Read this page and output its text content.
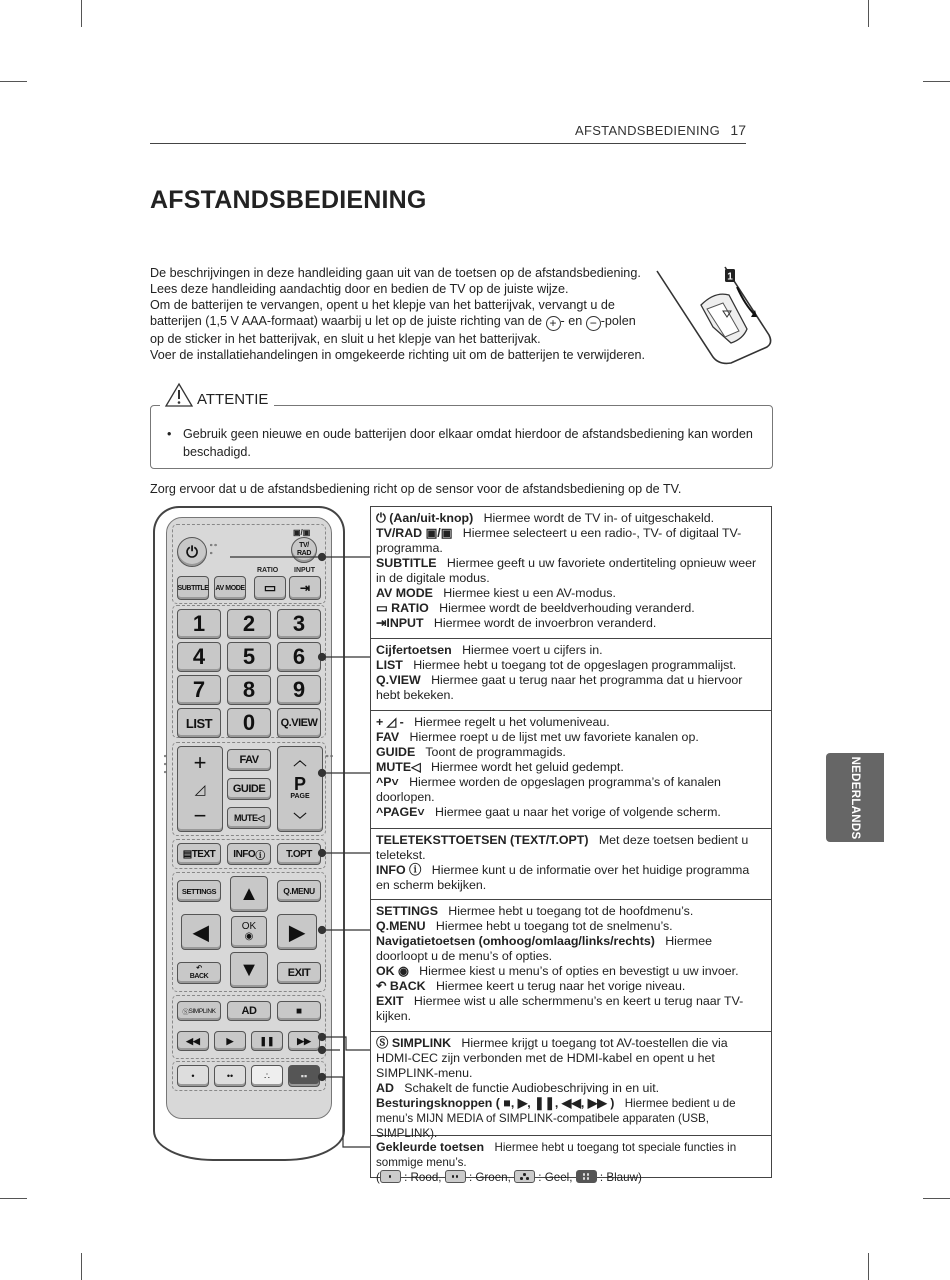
AFSTANDSBEDIENING 17
AFSTANDSBEDIENING

De beschrijvingen in deze handleiding gaan uit van de toetsen op de afstandsbediening.

Lees deze handleiding aandachtig door en bedien de TV op de juiste wijze.

Om de batterijen te vervangen, opent u het klepje van het batterijvak, vervangt u de

batterijen (1,5 V AAA-formaat) waarbij u let op de juiste richting van de + - en − -polen

op de sticker in het batterijvak, en sluit u het klepje van het batterijvak.

Voer de installatiehandelingen in omgekeerde richting uit om de batterijen te verwijderen.

1
• Gebruik geen nieuwe en oude batterijen door elkaar omdat hierdoor de afstandsbediening kan worden beschadigd.
ATTENTIE
Zorg ervoor dat u de afstandsbediening richt op de sensor voor de afstandsbediening op de TV.
⏻	∘∘
∘
▣/▣
TV/
RAD
RATIO INPUT
SUBTITLE AV MODE	▭	⇥
1	2	3
4	5	6
7	8	9
LIST	0	Q.VIEW
∘
∘
∘
∘∘
+
◿
−
FAV
GUIDE
MUTE ◁
︿
P
PAGE
﹀
▤ TEXT INFO ⓘ	T.OPT
SETTINGS	Q.MENU
▲
◀	OK
◉ ▶
▼
↶
BACK	EXIT
Ⓢ SIMPLINK	AD	■
◀◀	▶	❚❚	▶▶
•	••	∴	▪▪
⏻ (Aan/uit-knop) Hiermee wordt de TV in- of uitgeschakeld.
TV/RAD ▣/▣ Hiermee selecteert u een radio-, TV- of digitaal TV-programma.
SUBTITLE Hiermee geeft u uw favoriete ondertiteling opnieuw weer in de digitale modus.
AV MODE Hiermee kiest u een AV-modus.
▭ RATIO Hiermee wordt de beeldverhouding veranderd.
⇥INPUT Hiermee wordt de invoerbron veranderd.
Cijfertoetsen Hiermee voert u cijfers in.
LIST Hiermee hebt u toegang tot de opgeslagen programmalijst.
Q.VIEW Hiermee gaat u terug naar het programma dat u hiervoor hebt bekeken.
+ ◿ - Hiermee regelt u het volumeniveau.
FAV Hiermee roept u de lijst met uw favoriete kanalen op.
GUIDE Toont de programmagids.
MUTE◁ Hiermee wordt het geluid gedempt.
^P˅ Hiermee worden de opgeslagen programma’s of kanalen doorlopen.
^PAGE˅ Hiermee gaat u naar het vorige of volgende scherm.
TELETEKSTTOETSEN (TEXT/T.OPT) Met deze toetsen bedient u teletekst.
INFO ⓘ Hiermee kunt u de informatie over het huidige programma en scherm bekijken.
SETTINGS Hiermee hebt u toegang tot de hoofdmenu’s.
Q.MENU Hiermee hebt u toegang tot de snelmenu’s.
Navigatietoetsen (omhoog/omlaag/links/rechts) Hiermee doorloopt u de menu’s of opties.
OK ◉ Hiermee kiest u menu’s of opties en bevestigt u uw invoer.
↶ BACK Hiermee keert u terug naar het vorige niveau.
EXIT Hiermee wist u alle schermmenu’s en keert u terug naar TV-kijken.
Ⓢ SIMPLINK Hiermee krijgt u toegang tot AV-toestellen die via HDMI-CEC zijn verbonden met de HDMI-kabel en opent u het SIMPLINK-menu.
AD Schakelt de functie Audiobeschrijving in en uit.
Besturingsknoppen ( ■, ▶, ❚❚, ◀◀, ▶▶ ) Hiermee bedient u de menu’s MIJN MEDIA of SIMPLINK-compatibele apparaten (USB, SIMPLINK).
Gekleurde toetsen Hiermee hebt u toegang tot speciale functies in sommige menu’s.
(
: Rood,
: Groen,
: Geel,
: Blauw)
NEDERLANDS
